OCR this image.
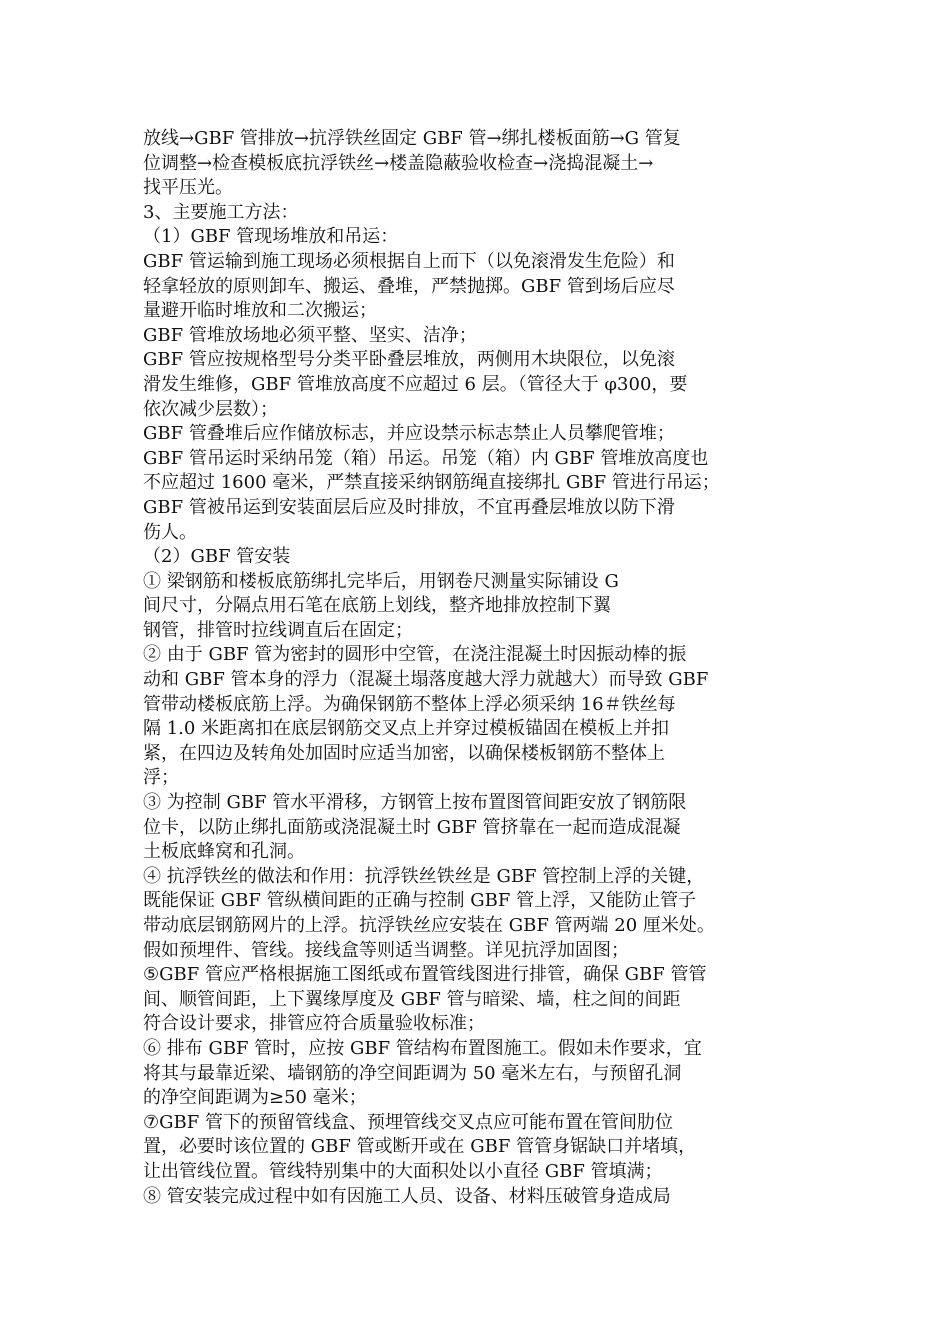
放线→GBF 管排放→抗浮铁丝固定 GBF 管→绑扎楼板面筋→G 管复
位调整→检查模板底抗浮铁丝→楼盖隐蔽验收检查→浇捣混凝土→
找平压光。
3、主要施工方法：
（1）GBF 管现场堆放和吊运：
GBF 管运输到施工现场必须根据自上而下（以免滚滑发生危险）和
轻拿轻放的原则卸车、搬运、叠堆，严禁抛掷。GBF 管到场后应尽
量避开临时堆放和二次搬运；
GBF 管堆放场地必须平整、坚实、洁净；
GBF 管应按规格型号分类平卧叠层堆放，两侧用木块限位，以免滚
滑发生维修，GBF 管堆放高度不应超过 6 层。（管径大于 φ300，要
依次减少层数）；
GBF 管叠堆后应作储放标志，并应设禁示标志禁止人员攀爬管堆；
GBF 管吊运时采纳吊笼（箱）吊运。吊笼（箱）内 GBF 管堆放高度也
不应超过 1600 毫米，严禁直接采纳钢筋绳直接绑扎 GBF 管进行吊运；
GBF 管被吊运到安装面层后应及时排放，不宜再叠层堆放以防下滑
伤人。
（2）GBF 管安装
① 梁钢筋和楼板底筋绑扎完毕后，用钢卷尺测量实际铺设 G
间尺寸，分隔点用石笔在底筋上划线，整齐地排放控制下翼
钢管，排管时拉线调直后在固定；
② 由于 GBF 管为密封的圆形中空管，在浇注混凝土时因振动棒的振
动和 GBF 管本身的浮力（混凝土塌落度越大浮力就越大）而导致 GBF
管带动楼板底筋上浮。为确保钢筋不整体上浮必须采纳 16＃铁丝每
隔 1.0 米距离扣在底层钢筋交叉点上并穿过模板锚固在模板上并扣
紧，在四边及转角处加固时应适当加密，以确保楼板钢筋不整体上
浮；
③ 为控制 GBF 管水平滑移，方钢管上按布置图管间距安放了钢筋限
位卡，以防止绑扎面筋或浇混凝土时 GBF 管挤靠在一起而造成混凝
土板底蜂窝和孔洞。
④ 抗浮铁丝的做法和作用：抗浮铁丝铁丝是 GBF 管控制上浮的关键，
既能保证 GBF 管纵横间距的正确与控制 GBF 管上浮，又能防止管子
带动底层钢筋网片的上浮。抗浮铁丝应安装在 GBF 管两端 20 厘米处。
假如预埋件、管线。接线盒等则适当调整。详见抗浮加固图；
⑤GBF 管应严格根据施工图纸或布置管线图进行排管，确保 GBF 管管
间、顺管间距，上下翼缘厚度及 GBF 管与暗梁、墙，柱之间的间距
符合设计要求，排管应符合质量验收标准；
⑥ 排布 GBF 管时，应按 GBF 管结构布置图施工。假如未作要求，宜
将其与最靠近梁、墙钢筋的净空间距调为 50 毫米左右，与预留孔洞
的净空间距调为≥50 毫米；
⑦GBF 管下的预留管线盒、预埋管线交叉点应可能布置在管间肋位
置，必要时该位置的 GBF 管或断开或在 GBF 管管身锯缺口并堵填，
让出管线位置。管线特别集中的大面积处以小直径 GBF 管填满；
⑧ 管安装完成过程中如有因施工人员、设备、材料压破管身造成局
